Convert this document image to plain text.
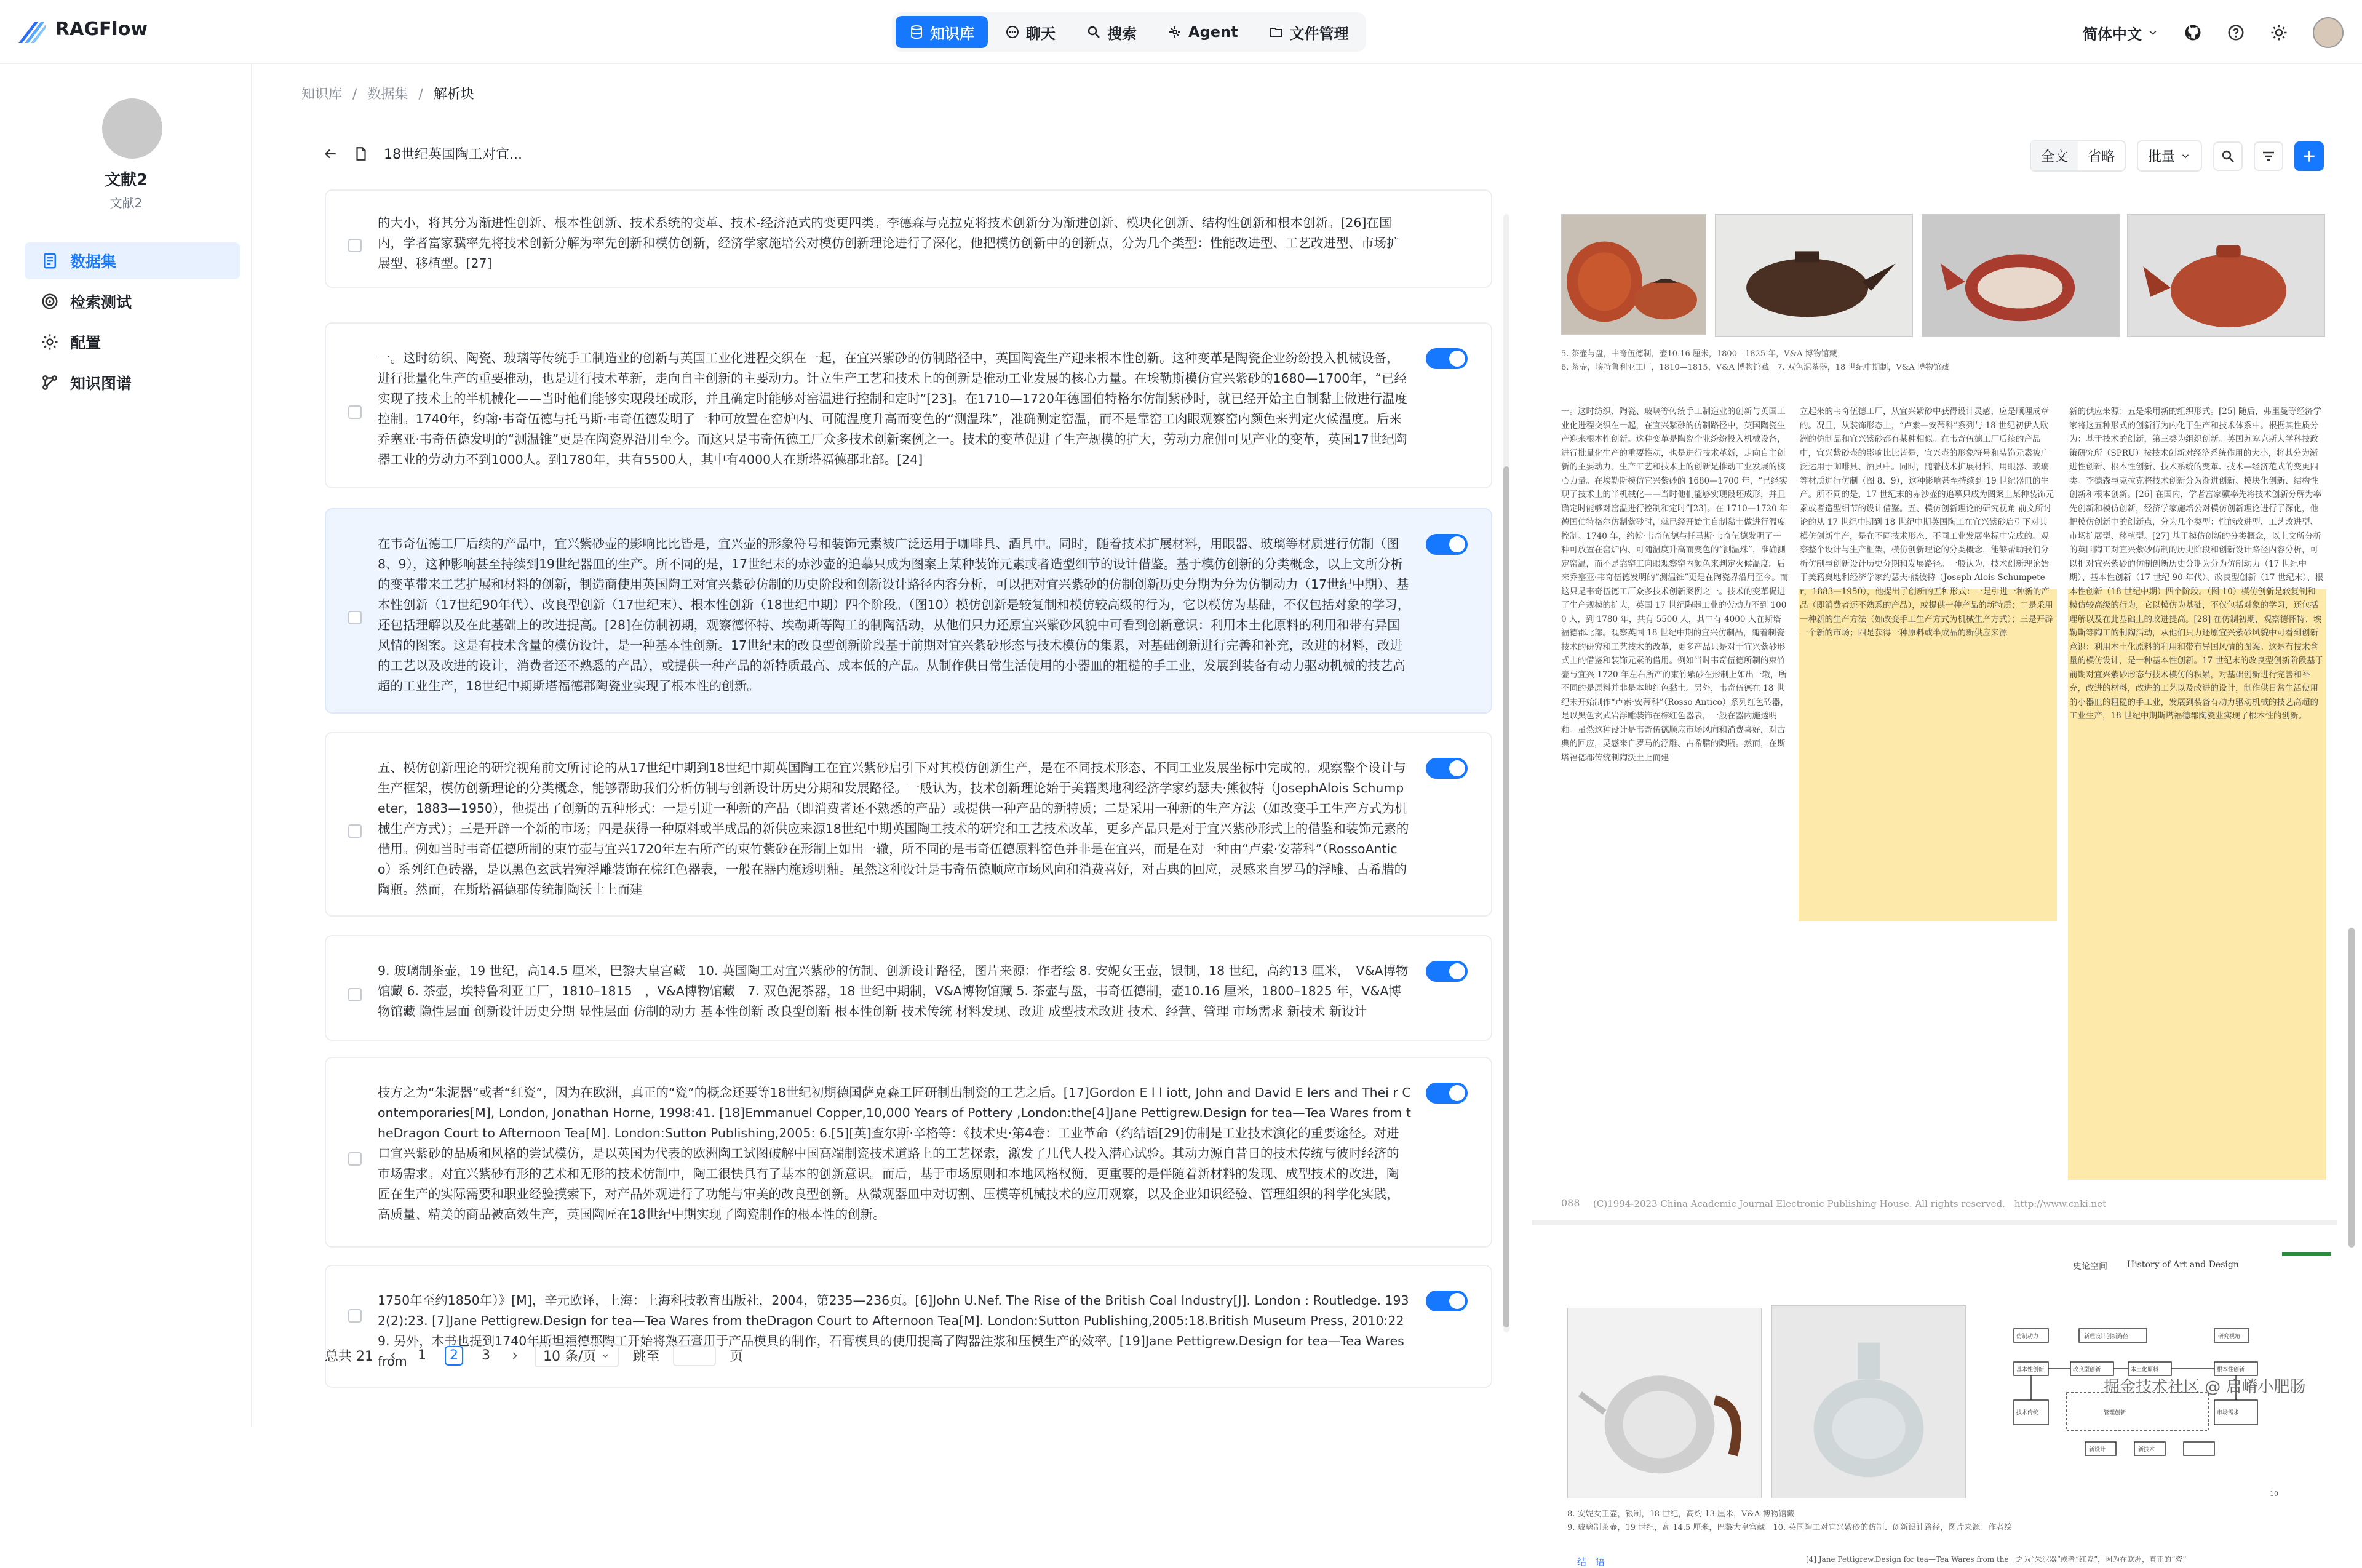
RAGFlow	知识库	聊天	搜索	Agent	文件管理	简体中文
文献2
文献2
数据集
检索测试
配置
知识图谱
知识库 / 数据集 / 解析块
18世纪英国陶工对宜...	全文	省略	批量
的大小，将其分为渐进性创新、根本性创新、技术系统的变革、技术-经济范式的变更四类。李德森与克拉克将技术创新分为渐进创新、模块化创新、结构性创新和根本创新。[26]在国内，学者富家骥率先将技术创新分解为率先创新和模仿创新，经济学家施培公对模仿创新理论进行了深化，他把模仿创新中的创新点，分为几个类型：性能改进型、工艺改进型、市场扩展型、移植型。[27]
一。这时纺织、陶瓷、玻璃等传统手工制造业的创新与英国工业化进程交织在一起，在宜兴紫砂的仿制路径中，英国陶瓷生产迎来根本性创新。这种变革是陶瓷企业纷纷投入机械设备，进行批量化生产的重要推动，也是进行技术革新，走向自主创新的主要动力。计立生产工艺和技术上的创新是推动工业发展的核心力量。在埃勒斯模仿宜兴紫砂的1680—1700年，“已经实现了技术上的半机械化——当时他们能够实现段坯成形，并且确定时能够对窑温进行控制和定时”[23]。在1710—1720年德国伯特格尔仿制紫砂时，就已经开始主自制黏土做进行温度控制。1740年，约翰·韦奇伍德与托马斯·韦奇伍德发明了一种可放置在窑炉内、可随温度升高而变色的“测温珠”，准确测定窑温，而不是靠窑工肉眼观察窑内颜色来判定火候温度。后来乔塞亚·韦奇伍德发明的“测温锥”更是在陶瓷界沿用至今。而这只是韦奇伍德工厂众多技术创新案例之一。技术的变革促进了生产规模的扩大，劳动力雇佣可见产业的变革，英国17世纪陶器工业的劳动力不到1000人。到1780年，共有5500人，其中有4000人在斯塔福德郡北部。[24]
在韦奇伍德工厂后续的产品中，宜兴紫砂壶的影响比比皆是，宜兴壶的形象符号和装饰元素被广泛运用于咖啡具、酒具中。同时，随着技术扩展材料，用眼器、玻璃等材质进行仿制（图8、9），这种影响甚至持续到19世纪器皿的生产。所不同的是，17世纪末的赤沙壶的追摹只成为图案上某种装饰元素或者造型细节的设计借鉴。基于模仿创新的分类概念，以上文所分析的变革带来工艺扩展和材料的创新，制造商使用英国陶工对宜兴紫砂仿制的历史阶段和创新设计路径内容分析，可以把对宜兴紫砂的仿制创新历史分期为分为仿制动力（17世纪中期）、基本性创新（17世纪90年代）、改良型创新（17世纪末）、根本性创新（18世纪中期）四个阶段。（图10）模仿创新是较复制和模仿较高级的行为，它以模仿为基础，不仅包括对象的学习，还包括理解以及在此基础上的改进提高。[28]在仿制初期，观察德怀特、埃勒斯等陶工的制陶活动，从他们只力还原宜兴紫砂风貌中可看到创新意识：利用本土化原料的利用和带有异国风情的图案。这是有技术含量的模仿设计，是一种基本性创新。17世纪末的改良型创新阶段基于前期对宜兴紫砂形态与技术模仿的集累，对基础创新进行完善和补充，改进的材料，改进的工艺以及改进的设计，消费者还不熟悉的产品），或提供一种产品的新特质最高、成本低的产品。从制作供日常生活使用的小器皿的粗糙的手工业，发展到装备有动力驱动机械的技艺高超的工业生产，18世纪中期斯塔福德郡陶瓷业实现了根本性的创新。
五、模仿创新理论的研究视角前文所讨论的从17世纪中期到18世纪中期英国陶工在宜兴紫砂启引下对其模仿创新生产，是在不同技术形态、不同工业发展坐标中完成的。观察整个设计与生产框架，模仿创新理论的分类概念，能够帮助我们分析仿制与创新设计历史分期和发展路径。一般认为，技术创新理论始于美籍奥地利经济学家约瑟夫·熊彼特（JosephAlois Schumpeter，1883—1950），他提出了创新的五种形式：一是引进一种新的产品（即消费者还不熟悉的产品）或提供一种产品的新特质；二是采用一种新的生产方法（如改变手工生产方式为机械生产方式）；三是开辟一个新的市场；四是获得一种原料或半成品的新供应来源18世纪中期英国陶工技术的研究和工艺技术改革，更多产品只是对于宜兴紫砂形式上的借鉴和装饰元素的借用。例如当时韦奇伍德所制的束竹壶与宜兴1720年左右所产的束竹紫砂在形制上如出一辙，所不同的是韦奇伍德原料窑色并非是在宜兴，而是在对一种由“卢索·安蒂科”（RossoAntico）系列红色砖器，是以黑色玄武岩宛浮雕装饰在棕红色器表，一般在器内施透明釉。虽然这种设计是韦奇伍德顺应市场风向和消费喜好，对古典的回应，灵感来自罗马的浮雕、古希腊的陶瓶。然而，在斯塔福德郡传统制陶沃土上而建
9. 玻璃制茶壶，19 世纪，高14.5 厘米，巴黎大皇宫藏　10. 英国陶工对宜兴紫砂的仿制、创新设计路径，图片来源：作者绘 8. 安妮女王壶，银制，18 世纪，高约13 厘米，　V&A博物馆藏 6. 茶壶，埃特鲁利亚工厂，1810–1815　，V&A博物馆藏　7. 双色泥茶器，18 世纪中期制，V&A博物馆藏 5. 茶壶与盘，韦奇伍德制，壶10.16 厘米，1800–1825 年，V&A博物馆藏 隐性层面 创新设计历史分期 显性层面 仿制的动力 基本性创新 改良型创新 根本性创新 技术传统 材料发现、改进 成型技术改进 技术、经营、管理 市场需求 新技术 新设计
技方之为“朱泥器”或者“红瓷”，因为在欧洲，真正的“瓷”的概念还要等18世纪初期德国萨克森工匠研制出制瓷的工艺之后。[17]Gordon E l l iott, John and David E lers and Thei r Contemporaries[M], London, Jonathan Horne, 1998:41. [18]Emmanuel Copper,10,000 Years of Pottery ,London:the[4]Jane Pettigrew.Design for tea—Tea Wares from theDragon Court to Afternoon Tea[M]. London:Sutton Publishing,2005: 6.[5][英]查尔斯·辛格等：《技术史·第4卷：工业革命（约结语[29]仿制是工业技术演化的重要途径。对进口宜兴紫砂的品质和风格的尝试模仿，是以英国为代表的欧洲陶工试图破解中国高端制瓷技术道路上的工艺探索，激发了几代人投入潜心试验。其动力源自昔日的技术传统与彼时经济的市场需求。对宜兴紫砂有形的艺术和无形的技术仿制中，陶工很快具有了基本的创新意识。而后，基于市场原则和本地风格权衡，更重要的是伴随着新材料的发现、成型技术的改进，陶匠在生产的实际需要和职业经验摸索下，对产品外观进行了功能与审美的改良型创新。从微观器皿中对切割、压模等机械技术的应用观察，以及企业知识经验、管理组织的科学化实践，高质量、精美的商品被高效生产，英国陶匠在18世纪中期实现了陶瓷制作的根本性的创新。
1750年至约1850年）》[M]，辛元欧译，上海：上海科技教育出版社，2004，第235—236页。[6]John U.Nef. The Rise of the British Coal Industry[J]. London : Routledge. 1932(2):23. [7]Jane Pettigrew.Design for tea—Tea Wares from theDragon Court to Afternoon Tea[M]. London:Sutton Publishing,2005:18.British Museum Press, 2010:229. 另外，本书也提到1740年斯坦福德郡陶工开始将熟石膏用于产品模具的制作，石膏模具的使用提高了陶器注浆和压模生产的效率。[19]Jane Pettigrew.Design for tea—Tea Wares from
总共 21	1	2	3	10 条/页	跳至	页
5. 茶壶与盘，韦奇伍德制，壶10.16 厘米，1800—1825 年，V&A 博物馆藏
6. 茶壶，埃特鲁利亚工厂，1810—1815，V&A 博物馆藏　7. 双色泥茶器，18 世纪中期制，V&A 博物馆藏
一。这时纺织、陶瓷、玻璃等传统手工制造业的创新与英国工业化进程交织在一起，在宜兴紫砂的仿制路径中，英国陶瓷生产迎来根本性创新。这种变革是陶瓷企业纷纷投入机械设备，进行批量化生产的重要推动，也是进行技术革新，走向自主创新的主要动力。生产工艺和技术上的创新是推动工业发展的核心力量。在埃勒斯模仿宜兴紫砂的 1680—1700 年，“已经实现了技术上的半机械化——当时他们能够实现段坯成形，并且确定时能够对窑温进行控制和定时”[23]。在 1710—1720 年德国伯特格尔仿制紫砂时，就已经开始主自制黏土做进行温度控制。1740 年，约翰·韦奇伍德与托马斯·韦奇伍德发明了一种可放置在窑炉内、可随温度升高而变色的“测温珠”，准确测定窑温，而不是靠窑工肉眼观察窑内颜色来判定火候温度。后来乔塞亚·韦奇伍德发明的“测温锥”更是在陶瓷界沿用至今。而这只是韦奇伍德工厂众多技术创新案例之一。技术的变革促进了生产规模的扩大，英国 17 世纪陶器工业的劳动力不到 1000 人，到 1780 年，共有 5500 人，其中有 4000 人在斯塔福德郡北部。观察英国 18 世纪中期的宜兴仿制品，随着制瓷技术的研究和工艺技术的改革，更多产品只是对于宜兴紫砂形式上的借鉴和装饰元素的借用。例如当时韦奇伍德所制的束竹壶与宜兴 1720 年左右所产的束竹紫砂在形制上如出一辙，所不同的是原料并非是本地红色黏土。另外，韦奇伍德在 18 世纪末开始制作“卢索·安蒂科”（Rosso Antico）系列红色砖器，是以黑色玄武岩浮雕装饰在棕红色器表，一般在器内施透明釉。虽然这种设计是韦奇伍德顺应市场风向和消费喜好，对古典的回应，灵感来自罗马的浮雕、古希腊的陶瓶。然而，在斯塔福德郡传统制陶沃土上而建
立起来的韦奇伍德工厂，从宜兴紫砂中获得设计灵感，应是顺理成章的。况且，从装饰形态上，“卢索—安蒂科”系列与 18 世纪初伊人欧洲的仿制品和宜兴紫砂都有某种相似。在韦奇伍德工厂后续的产品中，宜兴紫砂壶的影响比比皆是，宜兴壶的形象符号和装饰元素被广泛运用于咖啡具、酒具中。同时，随着技术扩展材料，用眼器、玻璃等材质进行仿制（图 8、9），这种影响甚至持续到 19 世纪器皿的生产。所不同的是，17 世纪末的赤沙壶的追摹只成为图案上某种装饰元素或者造型细节的设计借鉴。五、模仿创新理论的研究视角 前文所讨论的从 17 世纪中期到 18 世纪中期英国陶工在宜兴紫砂启引下对其模仿创新生产，是在不同技术形态、不同工业发展坐标中完成的。观察整个设计与生产框架，模仿创新理论的分类概念，能够帮助我们分析仿制与创新设计历史分期和发展路径。一般认为，技术创新理论始于美籍奥地利经济学家约瑟夫·熊彼特（Joseph Alois Schumpeter，1883—1950），他提出了创新的五种形式：一是引进一种新的产品（即消费者还不熟悉的产品），或提供一种产品的新特质；二是采用一种新的生产方法（如改变手工生产方式为机械生产方式）；三是开辟一个新的市场；四是获得一种原料或半成品的新供应来源
新的供应来源；五是采用新的组织形式。[25] 随后，弗里曼等经济学家将这五种形式的创新行为内化于生产和技术体系中。根据其性质分为：基于技术的创新，第三类为组织创新。英国苏塞克斯大学科技政策研究所（SPRU）按技术创新对经济系统作用的大小，将其分为渐进性创新、根本性创新、技术系统的变革、技术—经济范式的变更四类。李德森与克拉克将技术创新分为渐进创新、模块化创新、结构性创新和根本创新。[26] 在国内，学者富家骥率先将技术创新分解为率先创新和模仿创新，经济学家施培公对模仿创新理论进行了深化，他把模仿创新中的创新点，分为几个类型：性能改进型、工艺改进型、市场扩展型、移植型。[27] 基于模仿创新的分类概念，以上文所分析的英国陶工对宜兴紫砂仿制的历史阶段和创新设计路径内容分析，可以把对宜兴紫砂的仿制创新历史分期为分为仿制动力（17 世纪中期）、基本性创新（17 世纪 90 年代）、改良型创新（17 世纪末）、根本性创新（18 世纪中期）四个阶段。（图 10）模仿创新是较复制和模仿较高级的行为，它以模仿为基础，不仅包括对象的学习，还包括理解以及在此基础上的改进提高。[28] 在仿制初期，观察德怀特、埃勒斯等陶工的制陶活动，从他们只力还原宜兴紫砂风貌中可看到创新意识：利用本土化原料的利用和带有异国风情的图案。这是有技术含量的模仿设计，是一种基本性创新。17 世纪末的改良型创新阶段基于前期对宜兴紫砂形态与技术模仿的积累，对基础创新进行完善和补充，改进的材料，改进的工艺以及改进的设计，制作供日常生活使用的小器皿的粗糙的手工业，发展到装备有动力驱动机械的技艺高超的工业生产，18 世纪中期斯塔福德郡陶瓷业实现了根本性的创新。
088 (C)1994-2023 China Academic Journal Electronic Publishing House. All rights reserved.　http://www.cnki.net
史论空间 History of Art and Design
仿制动力	新理设计创新路径	研究视角
基本性创新	改良型创新	本土化原料	根本性创新
技术传统	管理创新	市场需求
新设计	新技术
10
8. 安妮女王壶，银制，18 世纪，高约 13 厘米，V&A 博物馆藏
9. 玻璃制茶壶，19 世纪，高 14.5 厘米，巴黎大皇宫藏　10. 英国陶工对宜兴紫砂的仿制、创新设计路径，图片来源：作者绘
结　语	[4] Jane Pettigrew.Design for tea—Tea Wares from the　之为“朱泥器”或者“红瓷”，因为在欧洲，真正的“瓷”
掘金技术社区 @ 启嵴小肥肠
